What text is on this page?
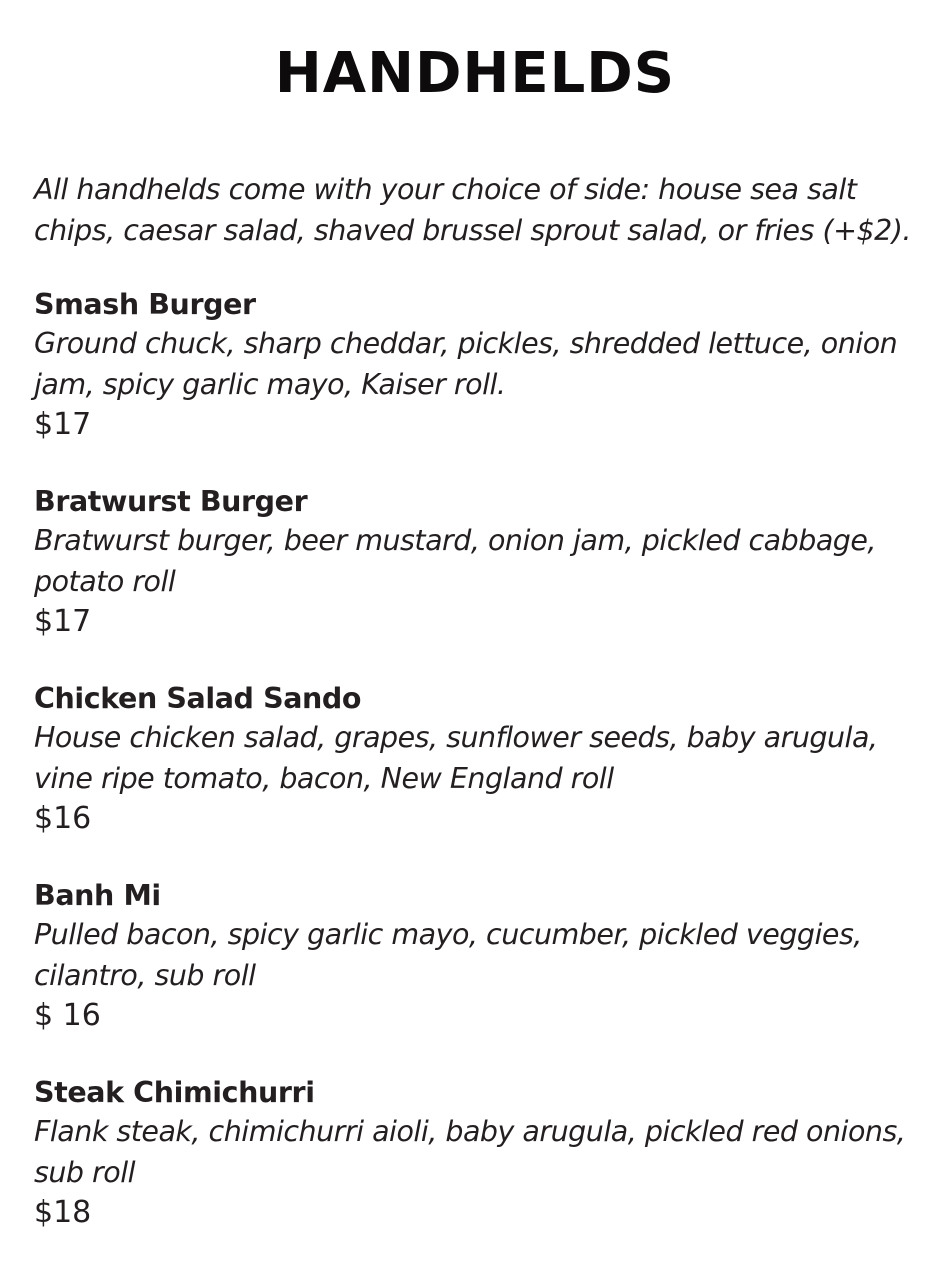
HANDHELDS

All handhelds come with your choice of side: house sea salt chips, caesar salad, shaved brussel sprout salad, or fries (+$2).

Smash Burger

Ground chuck, sharp cheddar, pickles, shredded lettuce, onion jam, spicy garlic mayo, Kaiser roll.

$17

Bratwurst Burger

Bratwurst burger, beer mustard, onion jam, pickled cabbage, potato roll

$17

Chicken Salad Sando

House chicken salad, grapes, sunflower seeds, baby arugula, vine ripe tomato, bacon, New England roll

$16

Banh Mi

Pulled bacon, spicy garlic mayo, cucumber, pickled veggies, cilantro, sub roll

$ 16

Steak Chimichurri

Flank steak, chimichurri aioli, baby arugula, pickled red onions, sub roll

$18
